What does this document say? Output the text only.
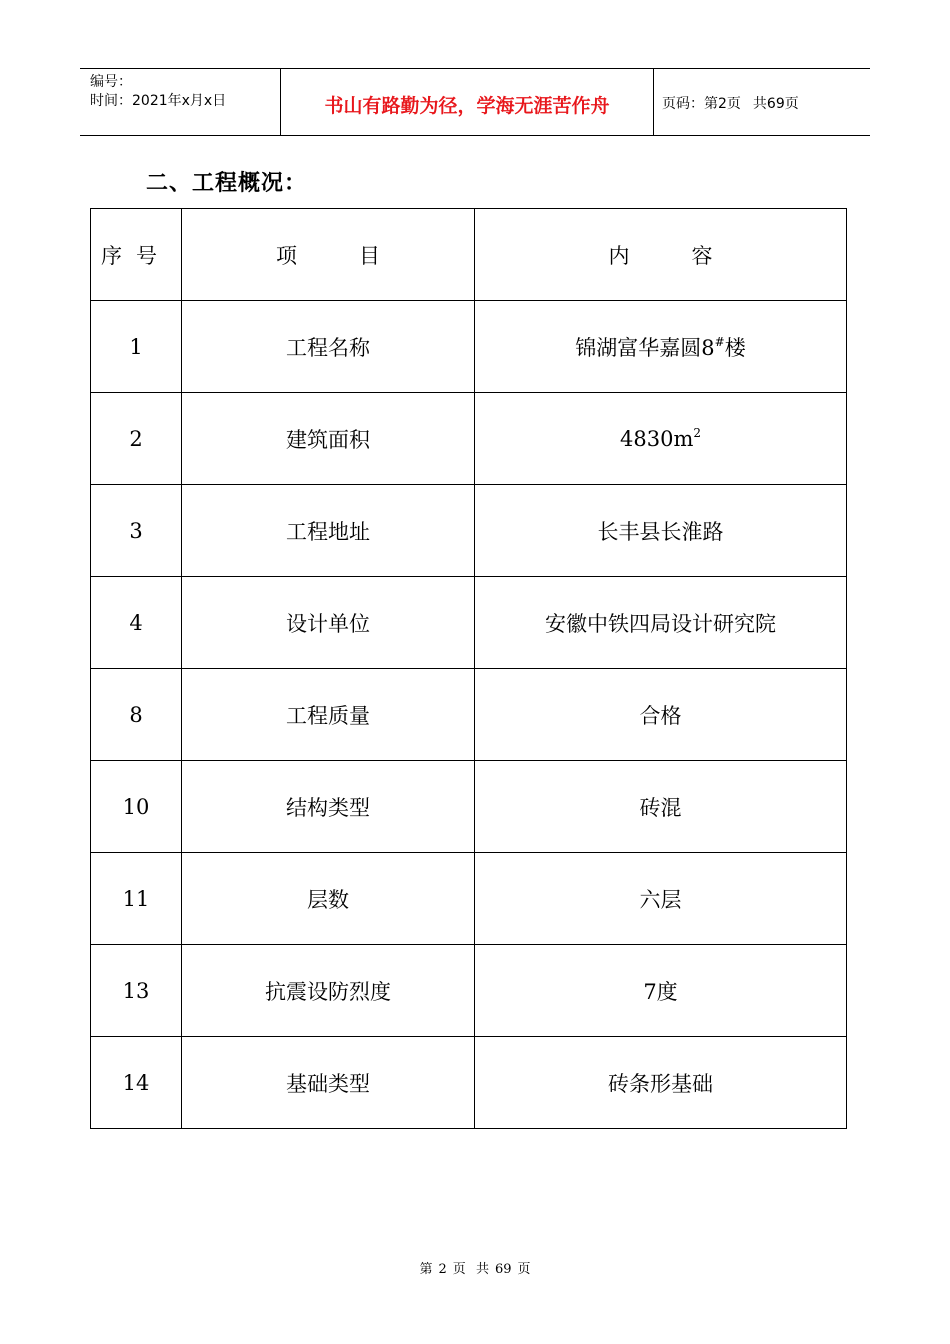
编号：
时间：2021年x月x日	书山有路勤为径，学海无涯苦作舟	页码：第2页 共69页
二、工程概况：
序号	项目	内容
1	工程名称	锦湖富华嘉圆8#楼
2	建筑面积	$4830m^2$
3	工程地址	长丰县长淮路
4	设计单位	安徽中铁四局设计研究院
8	工程质量	合格
10	结构类型	砖混
11	层数	六层
13	抗震设防烈度	7度
14	基础类型	砖条形基础
第 2 页 共 69 页
